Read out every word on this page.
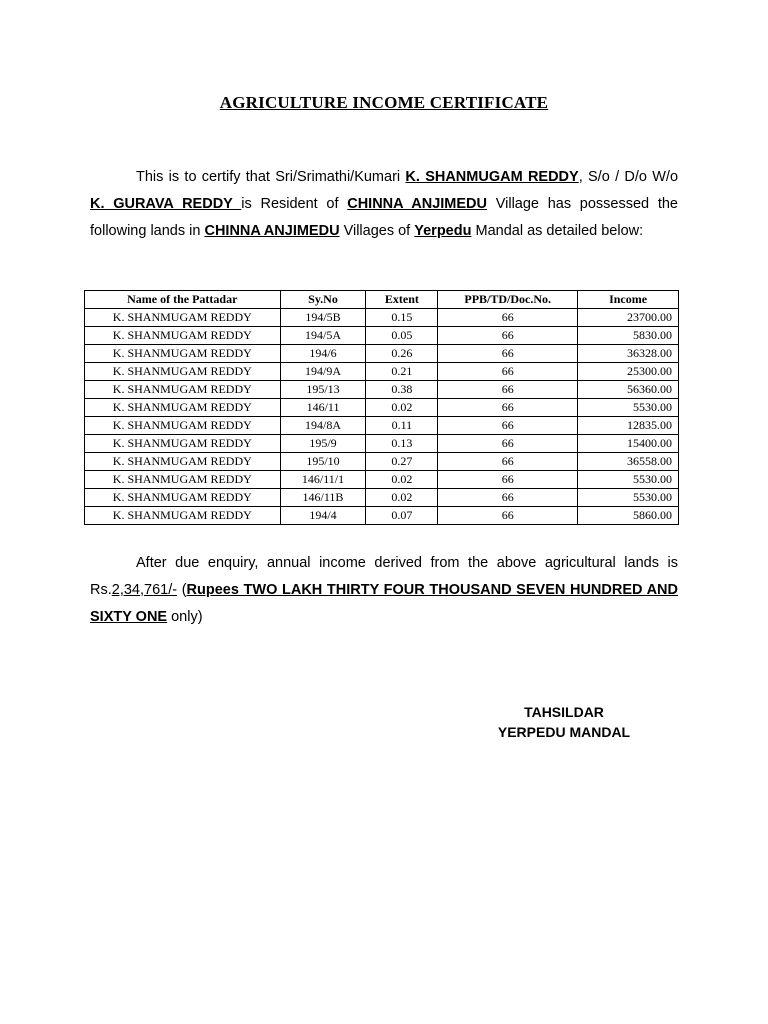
AGRICULTURE INCOME CERTIFICATE
This is to certify that Sri/Srimathi/Kumari K. SHANMUGAM REDDY, S/o / D/o W/o K. GURAVA REDDY is Resident of CHINNA ANJIMEDU Village has possessed the following lands in CHINNA ANJIMEDU Villages of Yerpedu Mandal as detailed below:
Name of the Pattadar	Sy.No	Extent	PPB/TD/Doc.No.	Income
K. SHANMUGAM REDDY	194/5B	0.15	66	23700.00
K. SHANMUGAM REDDY	194/5A	0.05	66	5830.00
K. SHANMUGAM REDDY	194/6	0.26	66	36328.00
K. SHANMUGAM REDDY	194/9A	0.21	66	25300.00
K. SHANMUGAM REDDY	195/13	0.38	66	56360.00
K. SHANMUGAM REDDY	146/11	0.02	66	5530.00
K. SHANMUGAM REDDY	194/8A	0.11	66	12835.00
K. SHANMUGAM REDDY	195/9	0.13	66	15400.00
K. SHANMUGAM REDDY	195/10	0.27	66	36558.00
K. SHANMUGAM REDDY	146/11/1	0.02	66	5530.00
K. SHANMUGAM REDDY	146/11B	0.02	66	5530.00
K. SHANMUGAM REDDY	194/4	0.07	66	5860.00
After due enquiry, annual income derived from the above agricultural lands is Rs.2,34,761/- (Rupees TWO LAKH THIRTY FOUR THOUSAND SEVEN HUNDRED AND SIXTY ONE only)
TAHSILDAR
YERPEDU MANDAL
